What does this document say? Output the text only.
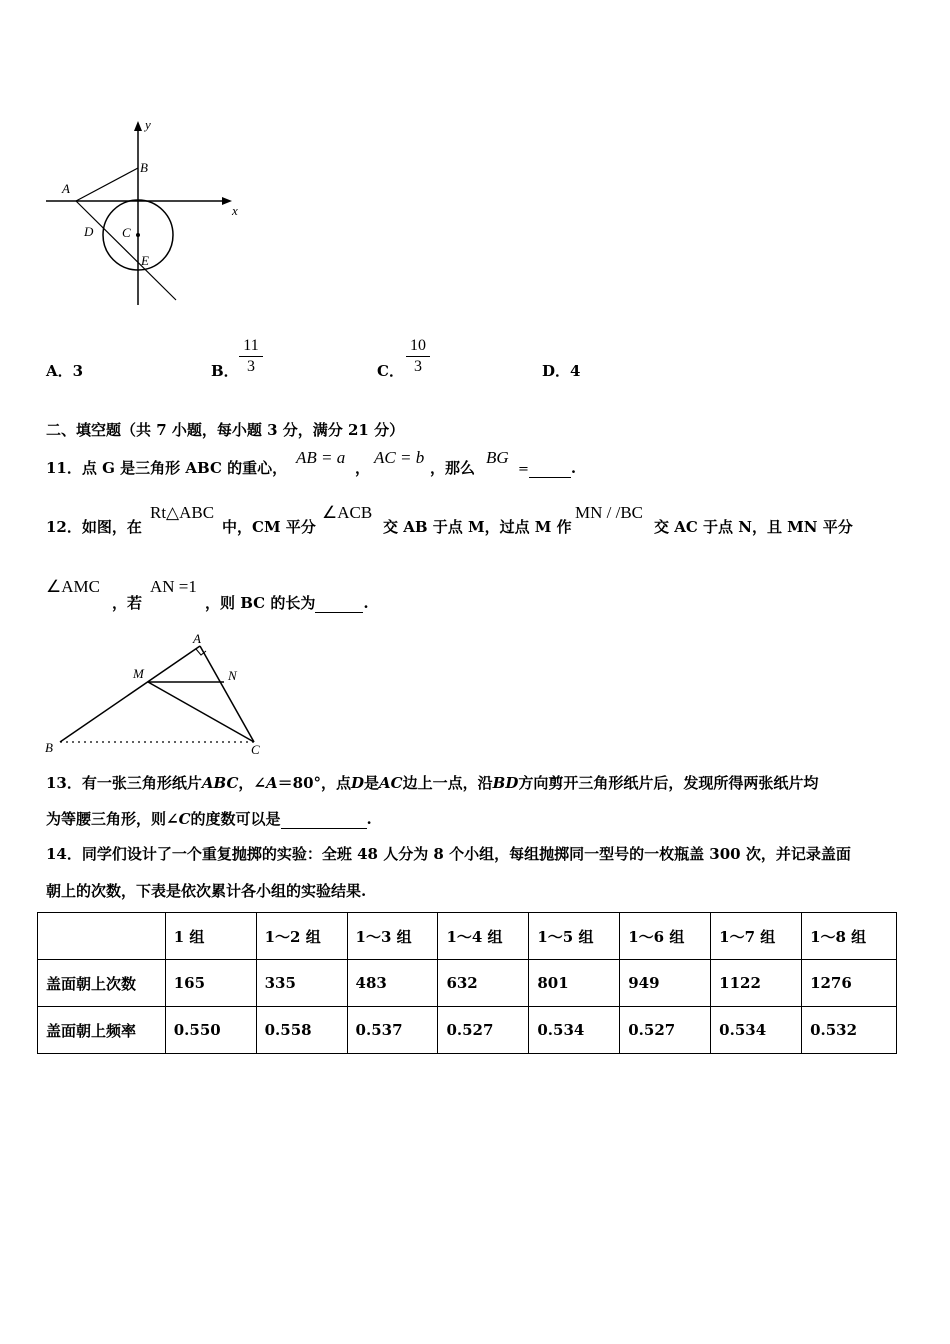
y
x
A
B
C
D
E
A．3	B． $\frac{11}{3}$	C． $\frac{10}{3}$	D．4
二、填空题（共 7 小题，每小题 3 分，满分 21 分）
11．点 G 是三角形 ABC 的重心，
AB = a
，
AC = b
，那么
BG
=	.
12．如图，在
Rt△ABC
中，CM 平分
∠ACB
交 AB 于点 M，过点 M 作
MN / /BC
交 AC 于点 N，且 MN 平分
∠AMC
，若
AN =1
，则 BC 的长为	.
A
M	N
B	C
13．有一张三角形纸片ABC，∠A＝80°，点D是AC边上一点，沿BD方向剪开三角形纸片后，发现所得两张纸片均
为等腰三角形，则∠C的度数可以是	.
14．同学们设计了一个重复抛掷的实验：全班 48 人分为 8 个小组，每组抛掷同一型号的一枚瓶盖 300 次，并记录盖面
朝上的次数，下表是依次累计各小组的实验结果.
	1 组	1～2 组	1～3 组	1～4 组	1～5 组	1～6 组	1～7 组	1～8 组
盖面朝上次数	165	335	483	632	801	949	1122	1276
盖面朝上频率	0.550	0.558	0.537	0.527	0.534	0.527	0.534	0.532
